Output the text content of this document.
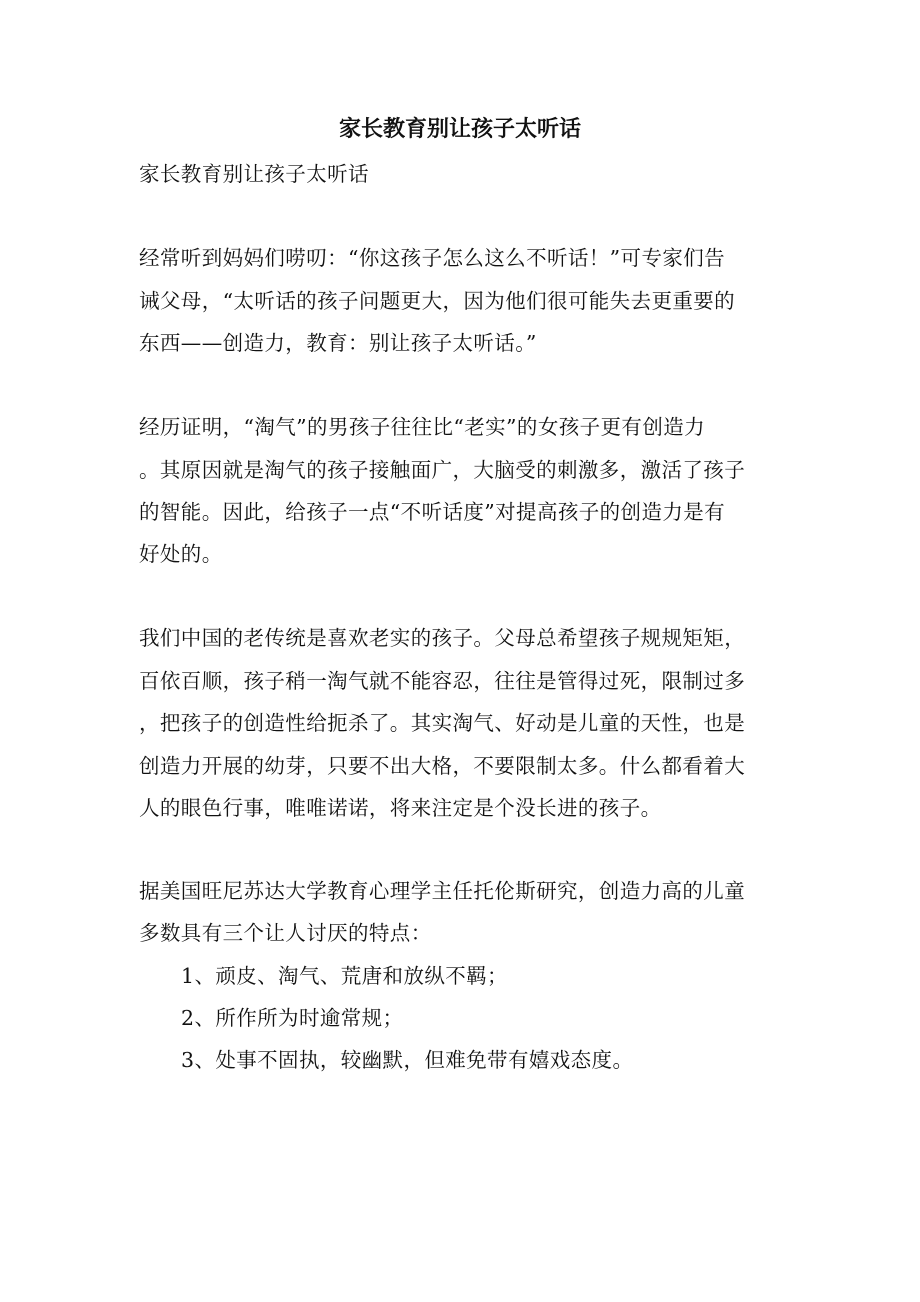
家长教育别让孩子太听话
家长教育别让孩子太听话
经常听到妈妈们唠叨：“你这孩子怎么这么不听话！”可专家们告
诫父母，“太听话的孩子问题更大，因为他们很可能失去更重要的
东西——创造力，教育：别让孩子太听话。”
经历证明，“淘气”的男孩子往往比“老实”的女孩子更有创造力
。其原因就是淘气的孩子接触面广，大脑受的刺激多，激活了孩子
的智能。因此，给孩子一点“不听话度”对提高孩子的创造力是有
好处的。
我们中国的老传统是喜欢老实的孩子。父母总希望孩子规规矩矩，
百依百顺，孩子稍一淘气就不能容忍，往往是管得过死，限制过多
，把孩子的创造性给扼杀了。其实淘气、好动是儿童的天性，也是
创造力开展的幼芽，只要不出大格，不要限制太多。什么都看着大
人的眼色行事，唯唯诺诺，将来注定是个没长进的孩子。
据美国旺尼苏达大学教育心理学主任托伦斯研究，创造力高的儿童
多数具有三个让人讨厌的特点：
1、顽皮、淘气、荒唐和放纵不羁；
2、所作所为时逾常规；
3、处事不固执，较幽默，但难免带有嬉戏态度。
